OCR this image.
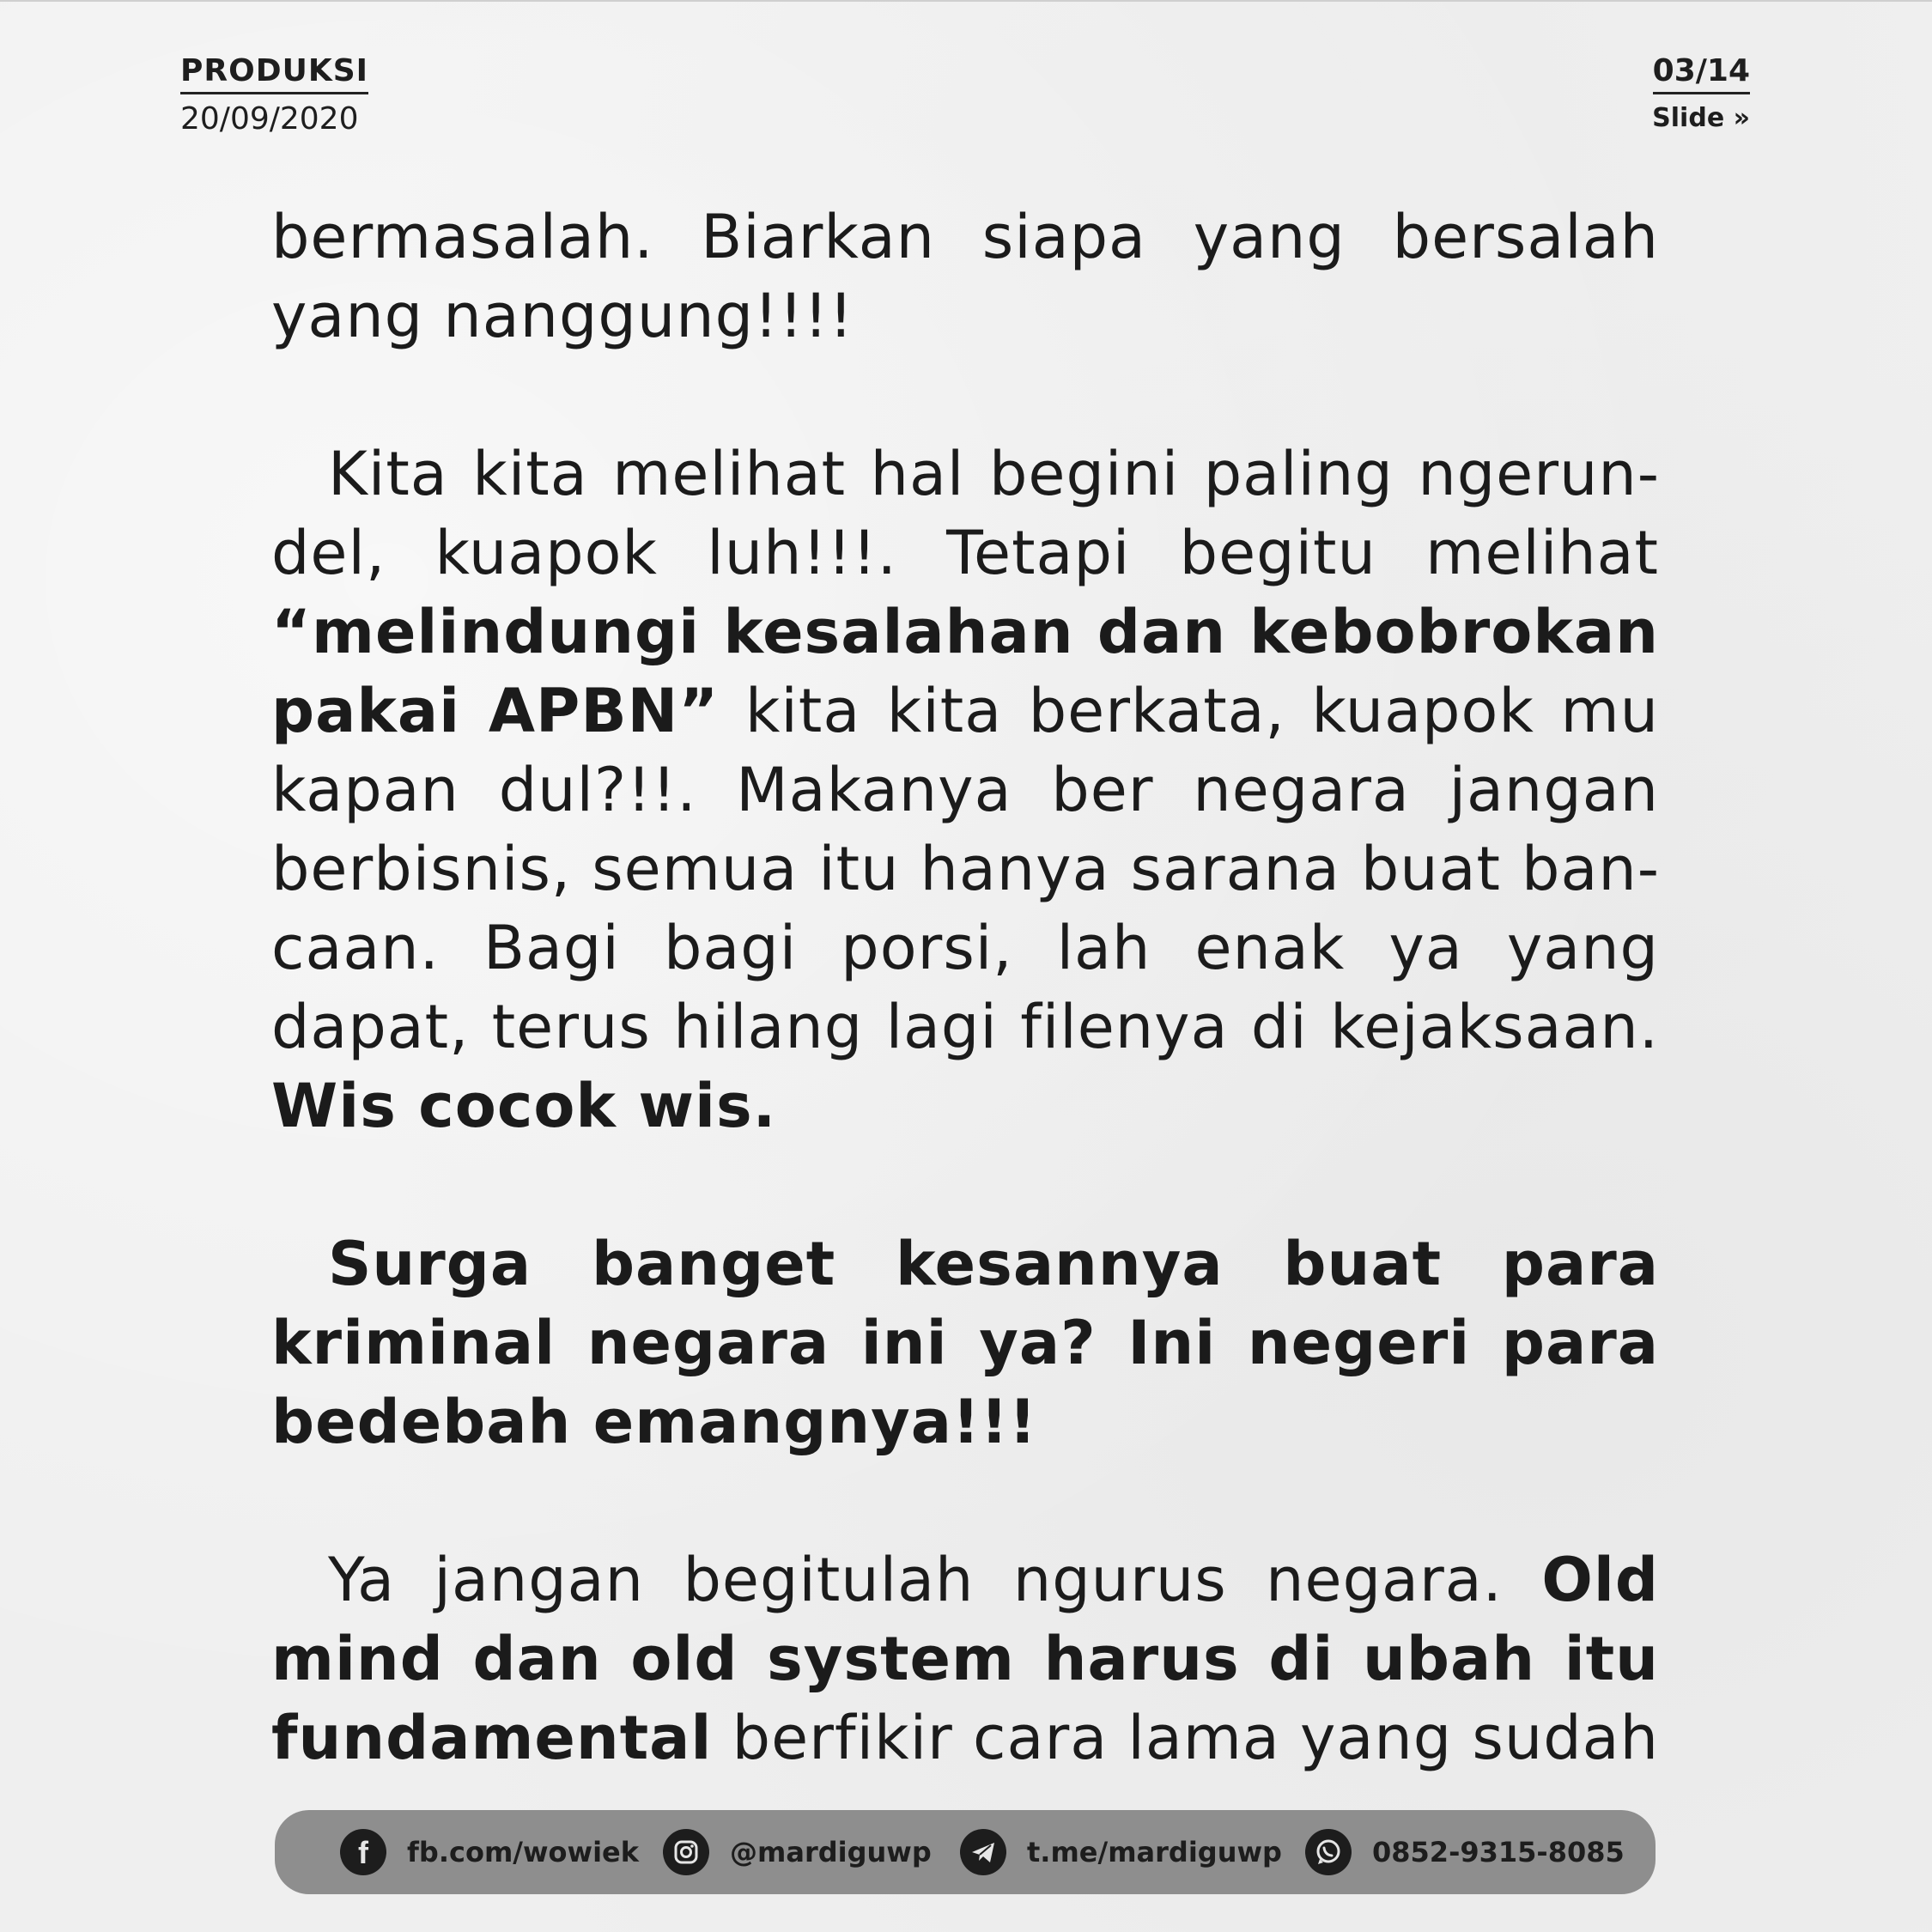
PRODUKSI
20/09/2020
03/14
Slide »

bermasalah. Biarkan siapa yang bersalah yang nanggung!!!!

Kita kita melihat hal begini paling ngerundel, kuapok luh!!!. Tetapi begitu melihat “melindungi kesalahan dan kebobrokan pakai APBN” kita kita berkata, kuapok mu kapan dul?!!. Makanya ber negara jangan berbisnis, semua itu hanya sarana buat bancaan. Bagi bagi porsi, lah enak ya yang dapat, terus hilang lagi filenya di kejaksaan. Wis cocok wis.

Surga banget kesannya buat para kriminal negara ini ya? Ini negeri para bedebah emangnya!!!

Ya jangan begitulah ngurus negara. Old mind dan old system harus di ubah itu fundamental berfikir cara lama yang sudah

f fb.com/wowiek	@mardiguwp	t.me/mardiguwp	0852-9315-8085
